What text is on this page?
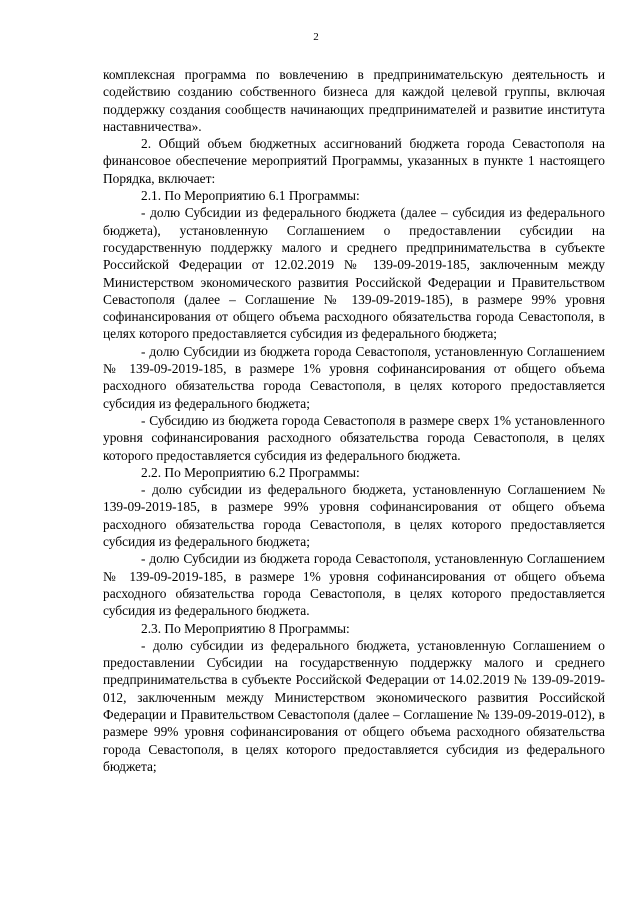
2

комплексная программа по вовлечению в предпринимательскую деятельность и содействию созданию собственного бизнеса для каждой целевой группы, включая поддержку создания сообществ начинающих предпринимателей и развитие института наставничества».

2. Общий объем бюджетных ассигнований бюджета города Севастополя на финансовое обеспечение мероприятий Программы, указанных в пункте 1 настоящего Порядка, включает:

2.1. По Мероприятию 6.1 Программы:

- долю Субсидии из федерального бюджета (далее – субсидия из федерального бюджета), установленную Соглашением о предоставлении субсидии на государственную поддержку малого и среднего предпринимательства в субъекте Российской Федерации от 12.02.2019 № 139-09-2019-185, заключенным между Министерством экономического развития Российской Федерации и Правительством Севастополя (далее – Соглашение № 139-09-2019-185), в размере 99% уровня софинансирования от общего объема расходного обязательства города Севастополя, в целях которого предоставляется субсидия из федерального бюджета;

- долю Субсидии из бюджета города Севастополя, установленную Соглашением № 139-09-2019-185, в размере 1% уровня софинансирования от общего объема расходного обязательства города Севастополя, в целях которого предоставляется субсидия из федерального бюджета;

- Субсидию из бюджета города Севастополя в размере сверх 1% установленного уровня софинансирования расходного обязательства города Севастополя, в целях которого предоставляется субсидия из федерального бюджета.

2.2. По Мероприятию 6.2 Программы:

- долю субсидии из федерального бюджета, установленную Соглашением № 139-09-2019-185, в размере 99% уровня софинансирования от общего объема расходного обязательства города Севастополя, в целях которого предоставляется субсидия из федерального бюджета;

- долю Субсидии из бюджета города Севастополя, установленную Соглашением № 139-09-2019-185, в размере 1% уровня софинансирования от общего объема расходного обязательства города Севастополя, в целях которого предоставляется субсидия из федерального бюджета.

2.3. По Мероприятию 8 Программы:

- долю субсидии из федерального бюджета, установленную Соглашением о предоставлении Субсидии на государственную поддержку малого и среднего предпринимательства в субъекте Российской Федерации от 14.02.2019 № 139-09-2019-012, заключенным между Министерством экономического развития Российской Федерации и Правительством Севастополя (далее – Соглашение № 139-09-2019-012), в размере 99% уровня софинансирования от общего объема расходного обязательства города Севастополя, в целях которого предоставляется субсидия из федерального бюджета;
